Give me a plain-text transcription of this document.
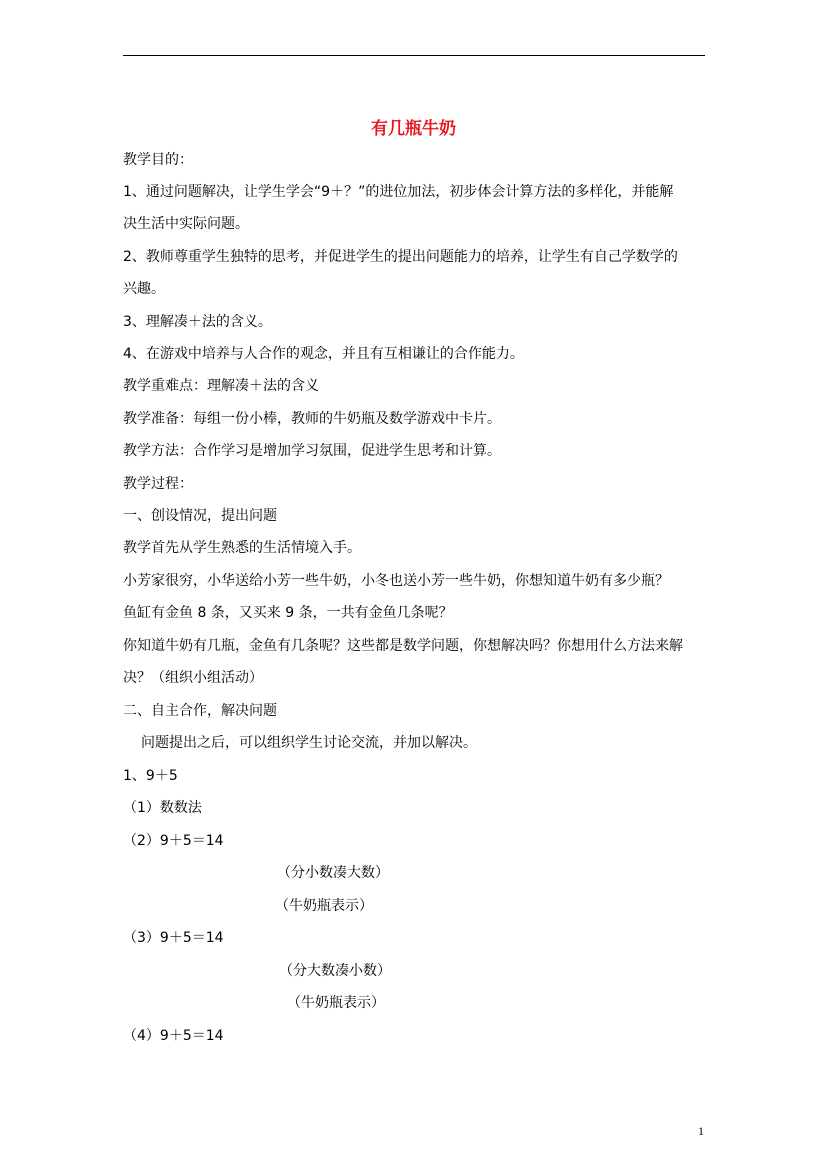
有几瓶牛奶
教学目的：
1、通过问题解决，让学生学会“9＋？”的进位加法，初步体会计算方法的多样化，并能解
决生活中实际问题。
2、教师尊重学生独特的思考，并促进学生的提出问题能力的培养，让学生有自己学数学的
兴趣。
3、理解凑＋法的含义。
4、在游戏中培养与人合作的观念，并且有互相谦让的合作能力。
教学重难点：理解凑＋法的含义
教学准备：每组一份小棒，教师的牛奶瓶及数学游戏中卡片。
教学方法：合作学习是增加学习氛围，促进学生思考和计算。
教学过程：
一、创设情况，提出问题
教学首先从学生熟悉的生活情境入手。
小芳家很穷，小华送给小芳一些牛奶，小冬也送小芳一些牛奶，你想知道牛奶有多少瓶？
鱼缸有金鱼 8 条，又买来 9 条，一共有金鱼几条呢？
你知道牛奶有几瓶，金鱼有几条呢？这些都是数学问题，你想解决吗？你想用什么方法来解
决？（组织小组活动）
二、自主合作，解决问题
问题提出之后，可以组织学生讨论交流，并加以解决。
1、9＋5
（1）数数法
（2）9＋5＝14
（分小数凑大数）
（牛奶瓶表示）
（3）9＋5＝14
（分大数凑小数）
（牛奶瓶表示）
（4）9＋5＝14
1
